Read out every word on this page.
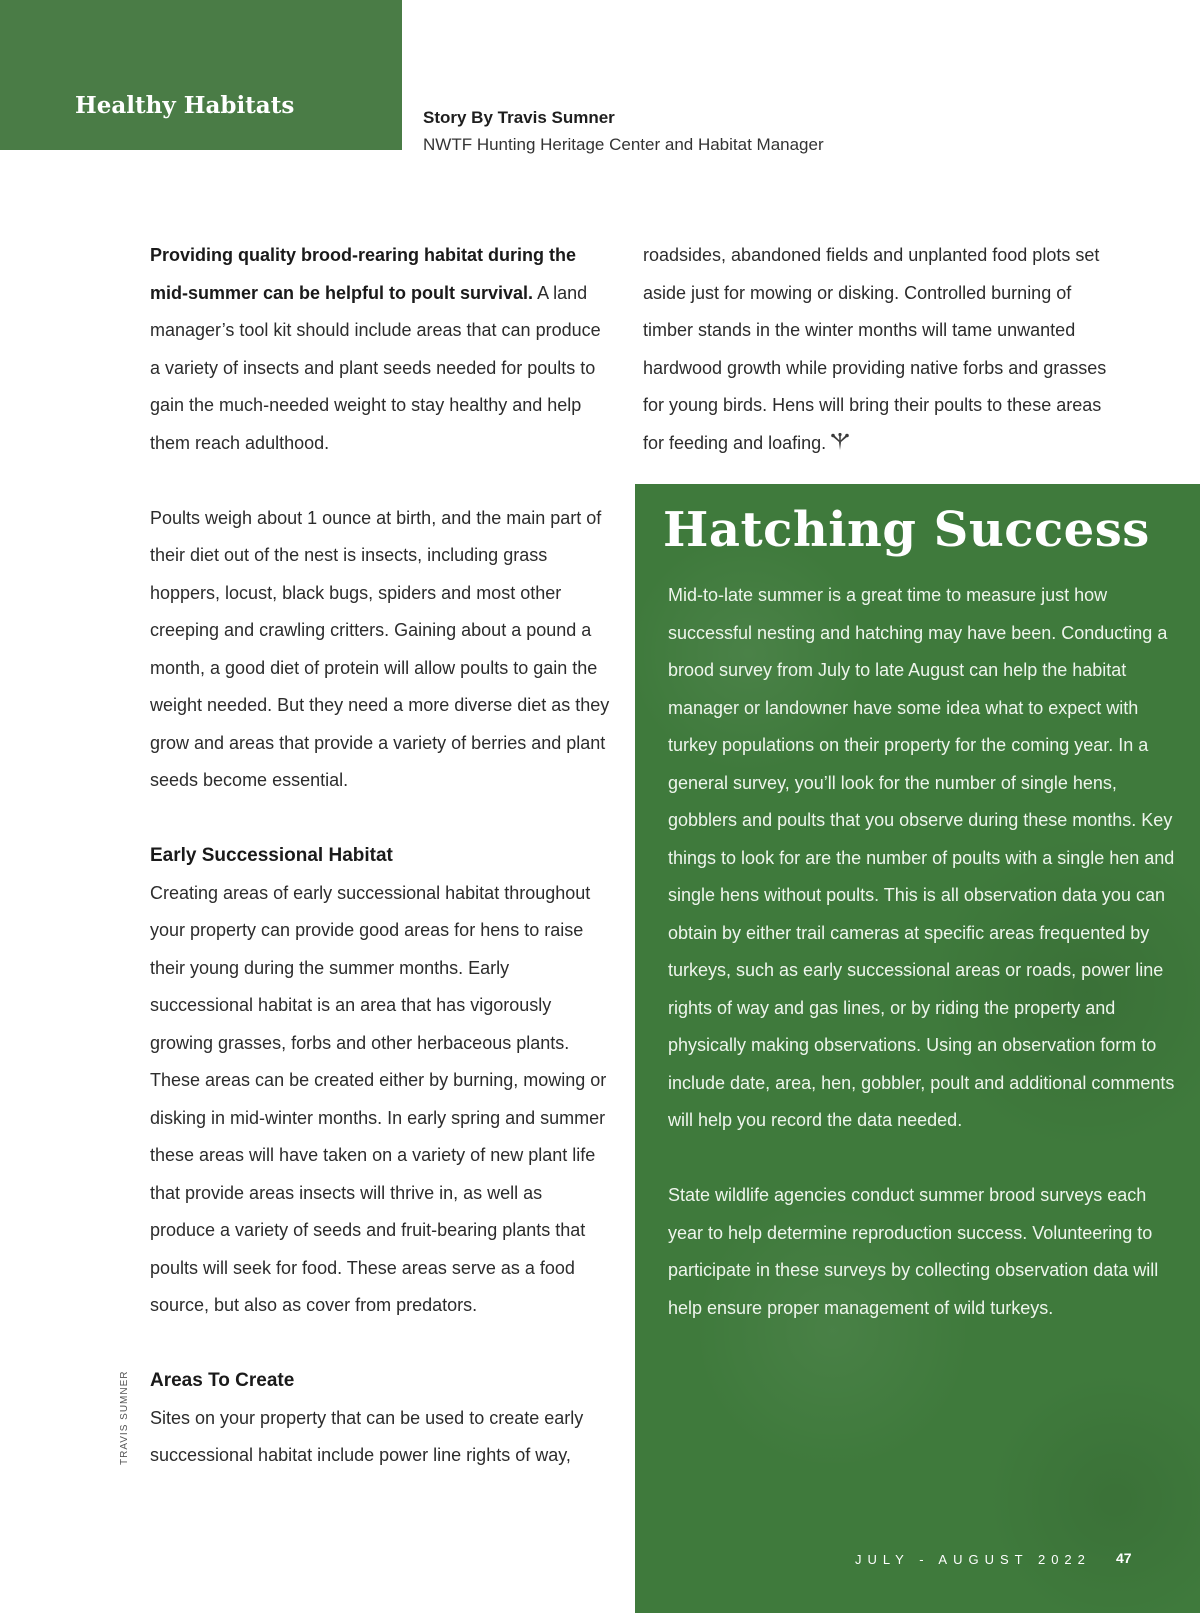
Healthy Habitats	Story By Travis Sumner
NWTF Hunting Heritage Center and Habitat Manager

Providing quality brood-rearing habitat during the mid-summer can be helpful to poult survival. A land manager’s tool kit should include areas that can produce a variety of insects and plant seeds needed for poults to gain the much-needed weight to stay healthy and help them reach adulthood.

Poults weigh about 1 ounce at birth, and the main part of their diet out of the nest is insects, including grass hoppers, locust, black bugs, spiders and most other creeping and crawling critters. Gaining about a pound a month, a good diet of protein will allow poults to gain the weight needed. But they need a more diverse diet as they grow and areas that provide a variety of berries and plant seeds become essential.

Early Successional Habitat

Creating areas of early successional habitat throughout your property can provide good areas for hens to raise their young during the summer months. Early successional habitat is an area that has vigorously growing grasses, forbs and other herbaceous plants. These areas can be created either by burning, mowing or disking in mid-winter months. In early spring and summer these areas will have taken on a variety of new plant life that provide areas insects will thrive in, as well as produce a variety of seeds and fruit-bearing plants that poults will seek for food. These areas serve as a food source, but also as cover from predators.

Areas To Create

Sites on your property that can be used to create early successional habitat include power line rights of way,

roadsides, abandoned fields and unplanted food plots set aside just for mowing or disking. Controlled burning of timber stands in the winter months will tame unwanted hardwood growth while providing native forbs and grasses for young birds. Hens will bring their poults to these areas for feeding and loafing.

Hatching Success

Mid-to-late summer is a great time to measure just how successful nesting and hatching may have been. Conducting a brood survey from July to late August can help the habitat manager or landowner have some idea what to expect with turkey populations on their property for the coming year. In a general survey, you’ll look for the number of single hens, gobblers and poults that you observe during these months. Key things to look for are the number of poults with a single hen and single hens without poults. This is all observation data you can obtain by either trail cameras at specific areas frequented by turkeys, such as early successional areas or roads, power line rights of way and gas lines, or by riding the property and physically making observations. Using an observation form to include date, area, hen, gobbler, poult and additional comments will help you record the data needed.

State wildlife agencies conduct summer brood surveys each year to help determine reproduction success. Volunteering to participate in these surveys by collecting observation data will help ensure proper management of wild turkeys.

TRAVIS SUMNER
JULY - AUGUST 2022 47
